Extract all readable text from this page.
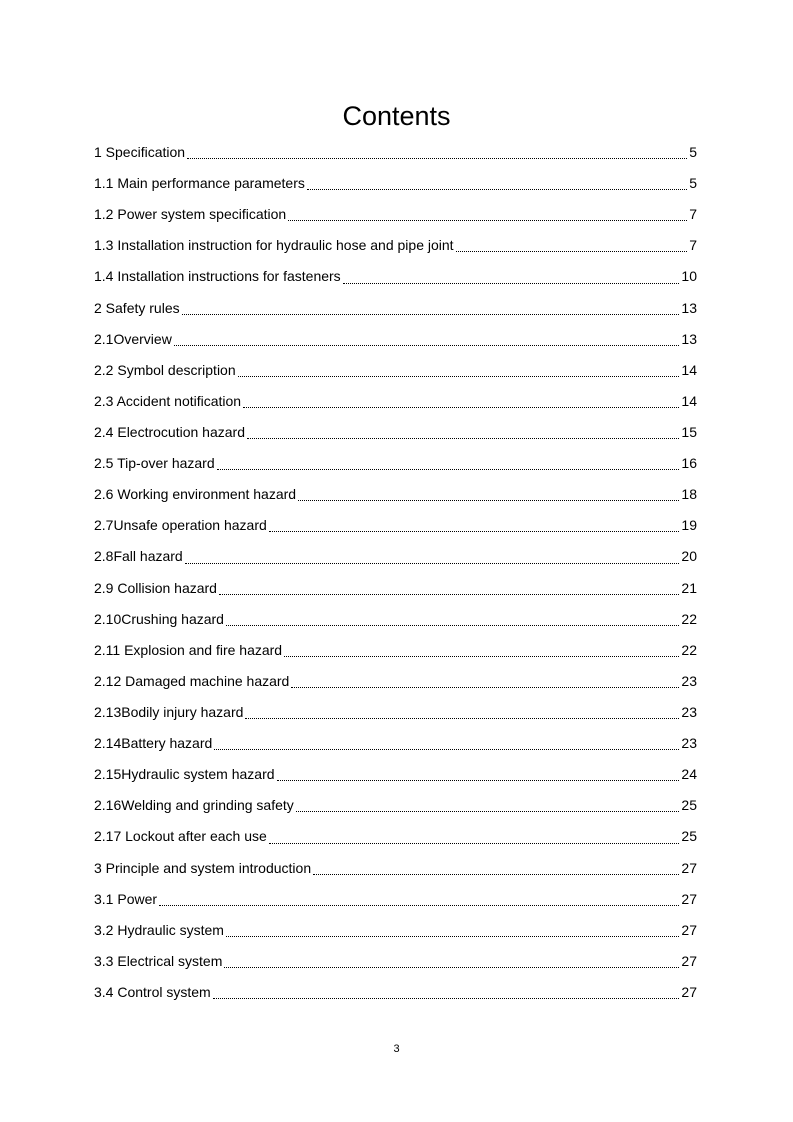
Contents
1 Specification	5
1.1 Main performance parameters	5
1.2 Power system specification	7
1.3 Installation instruction for hydraulic hose and pipe joint	7
1.4 Installation instructions for fasteners	10
2 Safety rules	13
2.1Overview	13
2.2 Symbol description	14
2.3 Accident notification	14
2.4 Electrocution hazard	15
2.5 Tip-over hazard	16
2.6 Working environment hazard	18
2.7Unsafe operation hazard	19
2.8Fall hazard	20
2.9 Collision hazard	21
2.10Crushing hazard	22
2.11 Explosion and fire hazard	22
2.12 Damaged machine hazard	23
2.13Bodily injury hazard	23
2.14Battery hazard	23
2.15Hydraulic system hazard	24
2.16Welding and grinding safety	25
2.17 Lockout after each use	25
3 Principle and system introduction	27
3.1 Power	27
3.2 Hydraulic system	27
3.3 Electrical system	27
3.4 Control system	27
3
